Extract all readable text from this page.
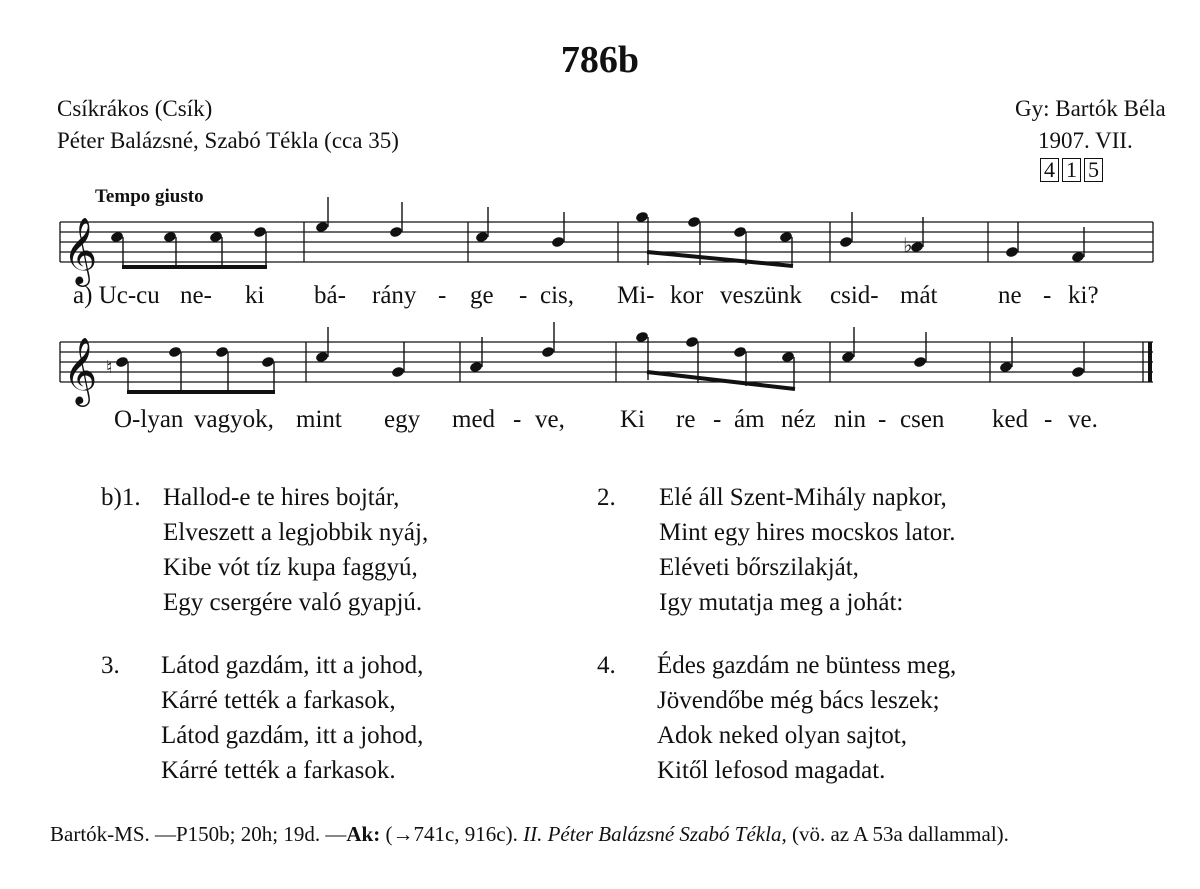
786b
Csíkrákos (Csík)
Péter Balázsné, Szabó Tékla (cca 35)
Gy: Bartók Béla
1907. VII.
4 1 5
Tempo giusto
𝄞	♭
a) Uc-cu ne- ki bá- rány - ge - cis, Mi- kor veszünk csid- mát ne - ki?
𝄞 ♮
O-lyan vagyok, mint egy med - ve, Ki re - ám néz nin - csen ked - ve.
b)1. Hallod-e te hires bojtár,
Elveszett a legjobbik nyáj,
Kibe vót tíz kupa faggyú,
Egy csergére való gyapjú.
2. Elé áll Szent-Mihály napkor,
Mint egy hires mocskos lator.
Eléveti bőrszilakját,
Igy mutatja meg a johát:
3. Látod gazdám, itt a johod,
Kárré tették a farkasok,
Látod gazdám, itt a johod,
Kárré tették a farkasok.
4. Édes gazdám ne büntess meg,
Jövendőbe még bács leszek;
Adok neked olyan sajtot,
Kitől lefosod magadat.
Bartók-MS. —P150b; 20h; 19d. —Ak: (→741c, 916c). II. Péter Balázsné Szabó Tékla, (vö. az A 53a dallammal).
